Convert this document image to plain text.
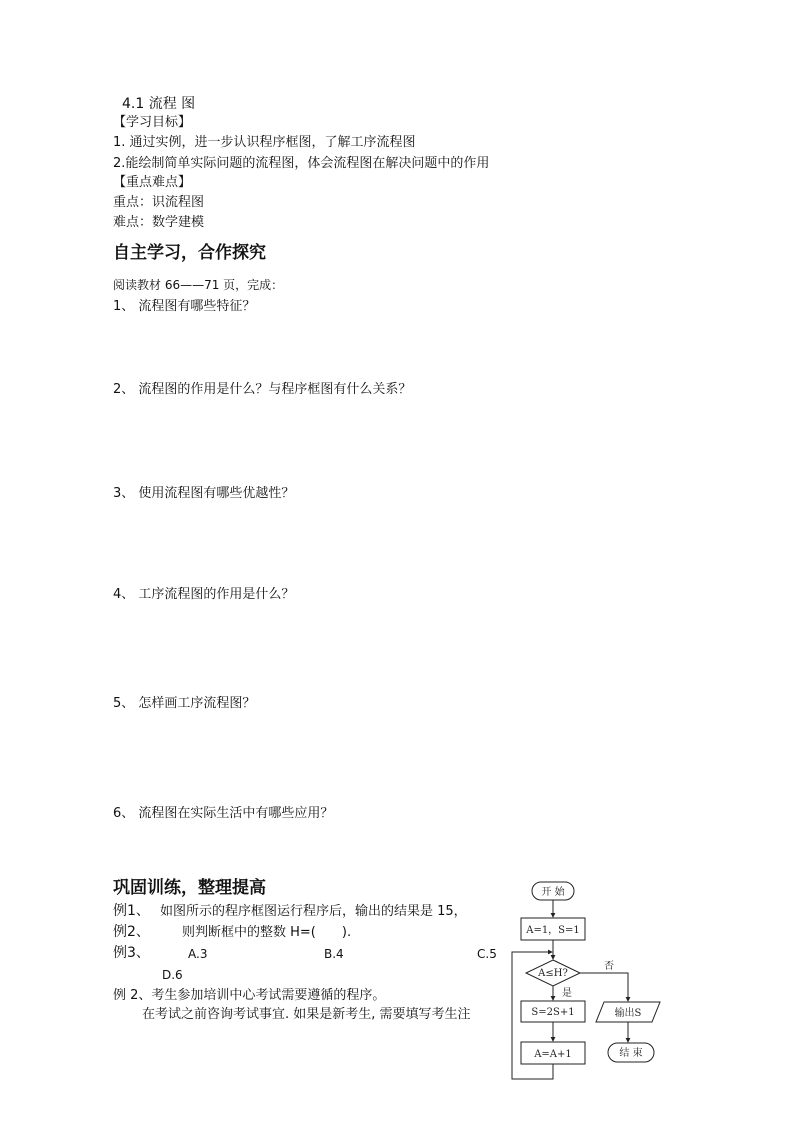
4.1 流程 图
【学习目标】
1. 通过实例，进一步认识程序框图，了解工序流程图
2.能绘制简单实际问题的流程图，体会流程图在解决问题中的作用
【重点难点】
重点：识流程图
难点：数学建模
自主学习，合作探究
阅读教材 66——71 页，完成：
1、 流程图有哪些特征？
2、 流程图的作用是什么？与程序框图有什么关系？
3、 使用流程图有哪些优越性？
4、 工序流程图的作用是什么？
5、 怎样画工序流程图？
6、 流程图在实际生活中有哪些应用？
巩固训练，整理提高
例1、 如图所示的程序框图运行程序后，输出的结果是 15，
例2、 则判断框中的整数 H=(　　).
例3、	A.3	B.4	C.5
D.6
例 2、考生参加培训中心考试需要遵循的程序。
在考试之前咨询考试事宜. 如果是新考生, 需要填写考生注
开 始
A=1，S=1
A≤H?
是
否
S=2S+1
A=A+1
输出S
结 束
